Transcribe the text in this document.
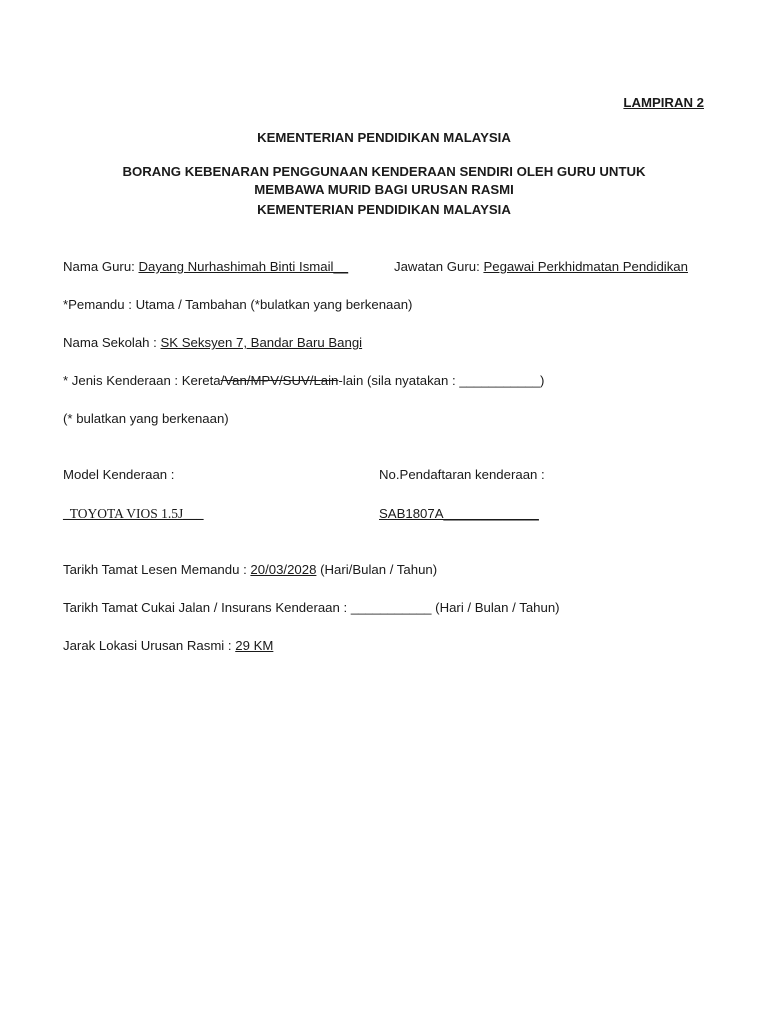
LAMPIRAN 2
KEMENTERIAN PENDIDIKAN MALAYSIA
BORANG KEBENARAN PENGGUNAAN KENDERAAN SENDIRI OLEH GURU UNTUK
MEMBAWA MURID BAGI URUSAN RASMI
KEMENTERIAN PENDIDIKAN MALAYSIA
Nama Guru: Dayang Nurhashimah Binti Ismail__	Jawatan Guru: Pegawai Perkhidmatan Pendidikan
*Pemandu : Utama / Tambahan (*bulatkan yang berkenaan)
Nama Sekolah : SK Seksyen 7, Bandar Baru Bangi
* Jenis Kenderaan : Kereta/Van/MPV/SUV/Lain-lain (sila nyatakan : ___________)
(* bulatkan yang berkenaan)
Model Kenderaan :	No.Pendaftaran kenderaan :
_TOYOTA VIOS 1.5J___	SAB1807A_____________
Tarikh Tamat Lesen Memandu : 20/03/2028 (Hari/Bulan / Tahun)
Tarikh Tamat Cukai Jalan / Insurans Kenderaan : ___________ (Hari / Bulan / Tahun)
Jarak Lokasi Urusan Rasmi : 29 KM
